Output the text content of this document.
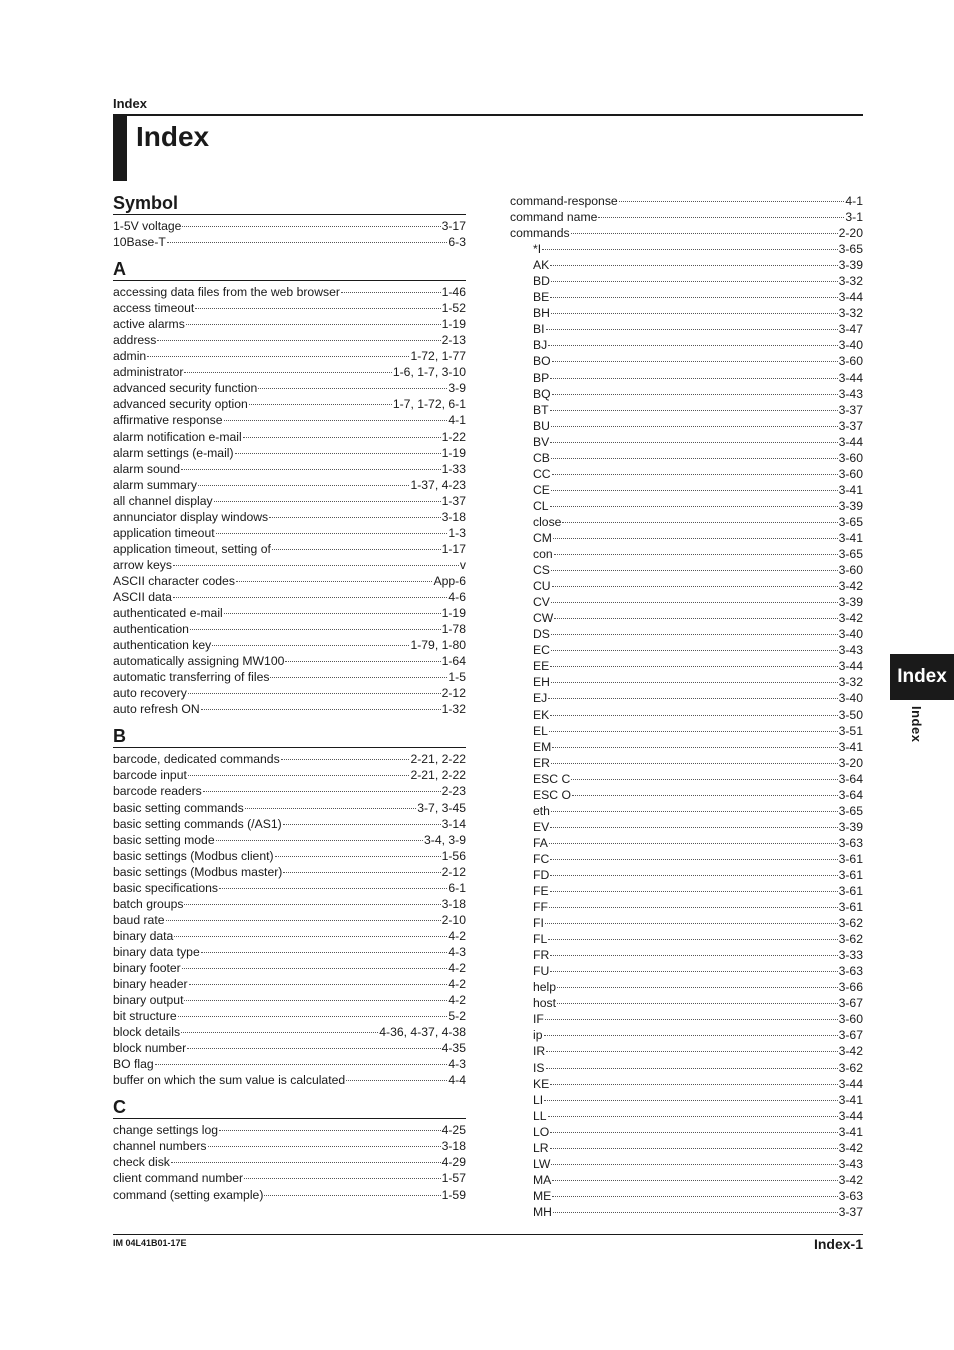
Index
Index
Symbol
1-5V voltage	3-17
10Base-T	6-3
A
accessing data files from the web browser	1-46
access timeout	1-52
active alarms	1-19
address	2-13
admin	1-72, 1-77
administrator	1-6, 1-7, 3-10
advanced security function	3-9
advanced security option	1-7, 1-72, 6-1
affirmative response	4-1
alarm notification e-mail	1-22
alarm settings (e-mail)	1-19
alarm sound	1-33
alarm summary	1-37, 4-23
all channel display	1-37
annunciator display windows	3-18
application timeout	1-3
application timeout, setting of	1-17
arrow keys	v
ASCII character codes	App-6
ASCII data	4-6
authenticated e-mail	1-19
authentication	1-78
authentication key	1-79, 1-80
automatically assigning MW100	1-64
automatic transferring of files	1-5
auto recovery	2-12
auto refresh ON	1-32
B
barcode, dedicated commands	2-21, 2-22
barcode input	2-21, 2-22
barcode readers	2-23
basic setting commands	3-7, 3-45
basic setting commands (/AS1)	3-14
basic setting mode	3-4, 3-9
basic settings (Modbus client)	1-56
basic settings (Modbus master)	2-12
basic specifications	6-1
batch groups	3-18
baud rate	2-10
binary data	4-2
binary data type	4-3
binary footer	4-2
binary header	4-2
binary output	4-2
bit structure	5-2
block details	4-36, 4-37, 4-38
block number	4-35
BO flag	4-3
buffer on which the sum value is calculated	4-4
C
change settings log	4-25
channel numbers	3-18
check disk	4-29
client command number	1-57
command (setting example)	1-59
command-response	4-1
command name	3-1
commands	2-20
*I	3-65
AK	3-39
BD	3-32
BE	3-44
BH	3-32
BI	3-47
BJ	3-40
BO	3-60
BP	3-44
BQ	3-43
BT	3-37
BU	3-37
BV	3-44
CB	3-60
CC	3-60
CE	3-41
CL	3-39
close	3-65
CM	3-41
con	3-65
CS	3-60
CU	3-42
CV	3-39
CW	3-42
DS	3-40
EC	3-43
EE	3-44
EH	3-32
EJ	3-40
EK	3-50
EL	3-51
EM	3-41
ER	3-20
ESC C	3-64
ESC O	3-64
eth	3-65
EV	3-39
FA	3-63
FC	3-61
FD	3-61
FE	3-61
FF	3-61
FI	3-62
FL	3-62
FR	3-33
FU	3-63
help	3-66
host	3-67
IF	3-60
ip	3-67
IR	3-42
IS	3-62
KE	3-44
LI	3-41
LL	3-44
LO	3-41
LR	3-42
LW	3-43
MA	3-42
ME	3-63
MH	3-37
Index
Index
IM 04L41B01-17E	Index-1
